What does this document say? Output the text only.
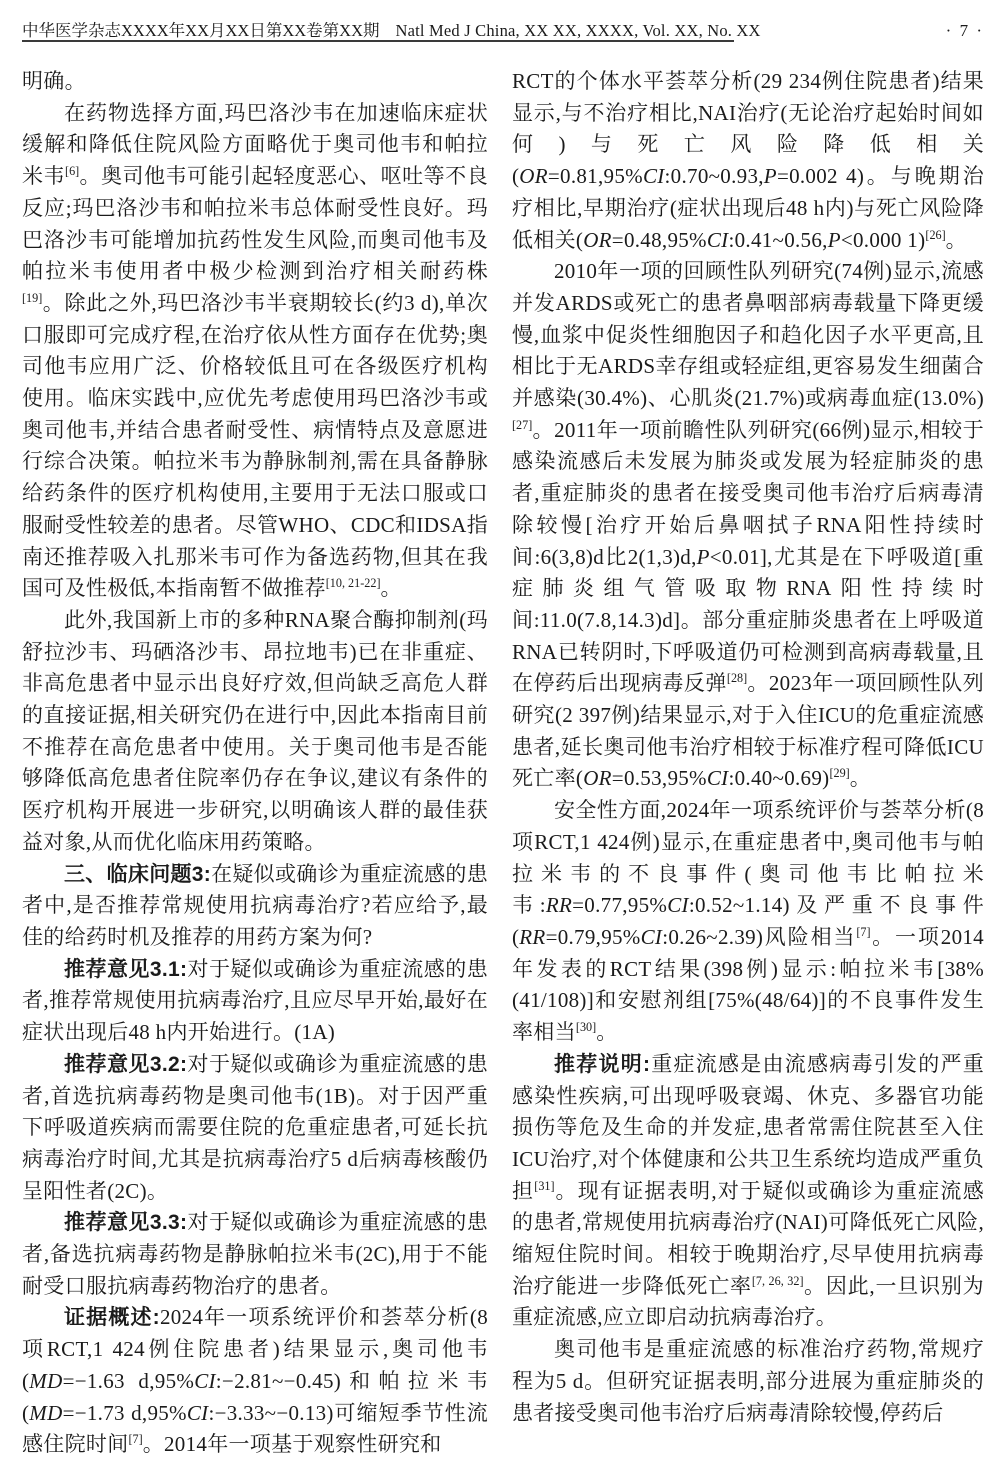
中华医学杂志XXXX年XX月XX日第XX卷第XX期 Natl Med J China, XX XX, XXXX, Vol. XX, No. XX	· 7 ·

明确。

在药物选择方面,玛巴洛沙韦在加速临床症状缓解和降低住院风险方面略优于奥司他韦和帕拉米韦[6]。奥司他韦可能引起轻度恶心、呕吐等不良反应;玛巴洛沙韦和帕拉米韦总体耐受性良好。玛巴洛沙韦可能增加抗药性发生风险,而奥司他韦及帕拉米韦使用者中极少检测到治疗相关耐药株[19]。除此之外,玛巴洛沙韦半衰期较长(约3 d),单次口服即可完成疗程,在治疗依从性方面存在优势;奥司他韦应用广泛、价格较低且可在各级医疗机构使用。临床实践中,应优先考虑使用玛巴洛沙韦或奥司他韦,并结合患者耐受性、病情特点及意愿进行综合决策。帕拉米韦为静脉制剂,需在具备静脉给药条件的医疗机构使用,主要用于无法口服或口服耐受性较差的患者。尽管WHO、CDC和IDSA指南还推荐吸入扎那米韦可作为备选药物,但其在我国可及性极低,本指南暂不做推荐[10, 21-22]。

此外,我国新上市的多种RNA聚合酶抑制剂(玛舒拉沙韦、玛硒洛沙韦、昂拉地韦)已在非重症、非高危患者中显示出良好疗效,但尚缺乏高危人群的直接证据,相关研究仍在进行中,因此本指南目前不推荐在高危患者中使用。关于奥司他韦是否能够降低高危患者住院率仍存在争议,建议有条件的医疗机构开展进一步研究,以明确该人群的最佳获益对象,从而优化临床用药策略。

三、临床问题3:在疑似或确诊为重症流感的患者中,是否推荐常规使用抗病毒治疗?若应给予,最佳的给药时机及推荐的用药方案为何?

推荐意见3.1:对于疑似或确诊为重症流感的患者,推荐常规使用抗病毒治疗,且应尽早开始,最好在症状出现后48 h内开始进行。(1A)

推荐意见3.2:对于疑似或确诊为重症流感的患者,首选抗病毒药物是奥司他韦(1B)。对于因严重下呼吸道疾病而需要住院的危重症患者,可延长抗病毒治疗时间,尤其是抗病毒治疗5 d后病毒核酸仍呈阳性者(2C)。

推荐意见3.3:对于疑似或确诊为重症流感的患者,备选抗病毒药物是静脉帕拉米韦(2C),用于不能耐受口服抗病毒药物治疗的患者。

证据概述:2024年一项系统评价和荟萃分析(8项RCT,1 424例住院患者)结果显示,奥司他韦(MD=−1.63 d,95%CI:−2.81~−0.45)和帕拉米韦(MD=−1.73 d,95%CI:−3.33~−0.13)可缩短季节性流感住院时间[7]。2014年一项基于观察性研究和

RCT的个体水平荟萃分析(29 234例住院患者)结果显示,与不治疗相比,NAI治疗(无论治疗起始时间如何)与死亡风险降低相关(OR=0.81,95%CI:0.70~0.93,P=0.002 4)。与晚期治疗相比,早期治疗(症状出现后48 h内)与死亡风险降低相关(OR=0.48,95%CI:0.41~0.56,P<0.000 1)[26]。

2010年一项的回顾性队列研究(74例)显示,流感并发ARDS或死亡的患者鼻咽部病毒载量下降更缓慢,血浆中促炎性细胞因子和趋化因子水平更高,且相比于无ARDS幸存组或轻症组,更容易发生细菌合并感染(30.4%)、心肌炎(21.7%)或病毒血症(13.0%)[27]。2011年一项前瞻性队列研究(66例)显示,相较于感染流感后未发展为肺炎或发展为轻症肺炎的患者,重症肺炎的患者在接受奥司他韦治疗后病毒清除较慢[治疗开始后鼻咽拭子RNA阳性持续时间:6(3,8)d比2(1,3)d,P<0.01],尤其是在下呼吸道[重症肺炎组气管吸取物RNA阳性持续时间:11.0(7.8,14.3)d]。部分重症肺炎患者在上呼吸道RNA已转阴时,下呼吸道仍可检测到高病毒载量,且在停药后出现病毒反弹[28]。2023年一项回顾性队列研究(2 397例)结果显示,对于入住ICU的危重症流感患者,延长奥司他韦治疗相较于标准疗程可降低ICU死亡率(OR=0.53,95%CI:0.40~0.69)[29]。

安全性方面,2024年一项系统评价与荟萃分析(8项RCT,1 424例)显示,在重症患者中,奥司他韦与帕拉米韦的不良事件(奥司他韦比帕拉米韦:RR=0.77,95%CI:0.52~1.14)及严重不良事件(RR=0.79,95%CI:0.26~2.39)风险相当[7]。一项2014年发表的RCT结果(398例)显示:帕拉米韦[38%(41/108)]和安慰剂组[75%(48/64)]的不良事件发生率相当[30]。

推荐说明:重症流感是由流感病毒引发的严重感染性疾病,可出现呼吸衰竭、休克、多器官功能损伤等危及生命的并发症,患者常需住院甚至入住ICU治疗,对个体健康和公共卫生系统均造成严重负担[31]。现有证据表明,对于疑似或确诊为重症流感的患者,常规使用抗病毒治疗(NAI)可降低死亡风险,缩短住院时间。相较于晚期治疗,尽早使用抗病毒治疗能进一步降低死亡率[7, 26, 32]。因此,一旦识别为重症流感,应立即启动抗病毒治疗。

奥司他韦是重症流感的标准治疗药物,常规疗程为5 d。但研究证据表明,部分进展为重症肺炎的患者接受奥司他韦治疗后病毒清除较慢,停药后
